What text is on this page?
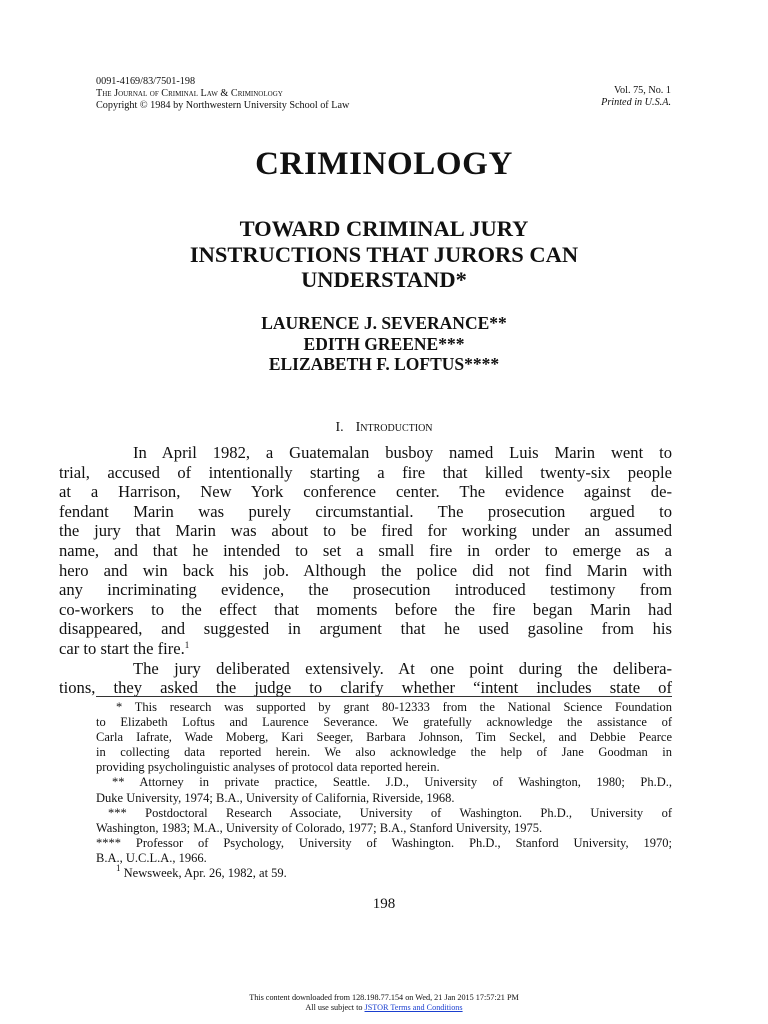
0091-4169/83/7501-198
The Journal of Criminal Law & Criminology
Copyright © 1984 by Northwestern University School of Law
Vol. 75, No. 1
Printed in U.S.A.
CRIMINOLOGY
TOWARD CRIMINAL JURY
INSTRUCTIONS THAT JURORS CAN
UNDERSTAND*
LAURENCE J. SEVERANCE**
EDITH GREENE***
ELIZABETH F. LOFTUS****
I. Introduction

In April 1982, a Guatemalan busboy named Luis Marin went to
trial, accused of intentionally starting a fire that killed twenty-six people
at a Harrison, New York conference center. The evidence against de-
fendant Marin was purely circumstantial. The prosecution argued to
the jury that Marin was about to be fired for working under an assumed
name, and that he intended to set a small fire in order to emerge as a
hero and win back his job. Although the police did not find Marin with
any incriminating evidence, the prosecution introduced testimony from
co-workers to the effect that moments before the fire began Marin had
disappeared, and suggested in argument that he used gasoline from his
car to start the fire.$^1$

The jury deliberated extensively. At one point during the delibera-
tions, they asked the judge to clarify whether “intent includes state of

* This research was supported by grant 80-12333 from the National Science Foundation
to Elizabeth Loftus and Laurence Severance. We gratefully acknowledge the assistance of
Carla Iafrate, Wade Moberg, Kari Seeger, Barbara Johnson, Tim Seckel, and Debbie Pearce
in collecting data reported herein. We also acknowledge the help of Jane Goodman in
providing psycholinguistic analyses of protocol data reported herein.
** Attorney in private practice, Seattle. J.D., University of Washington, 1980; Ph.D.,
Duke University, 1974; B.A., University of California, Riverside, 1968.
*** Postdoctoral Research Associate, University of Washington. Ph.D., University of
Washington, 1983; M.A., University of Colorado, 1977; B.A., Stanford University, 1975.
**** Professor of Psychology, University of Washington. Ph.D., Stanford University, 1970;
B.A., U.C.L.A., 1966.
$^1$ Newsweek, Apr. 26, 1982, at 59.
198
This content downloaded from 128.198.77.154 on Wed, 21 Jan 2015 17:57:21 PM
All use subject to JSTOR Terms and Conditions
